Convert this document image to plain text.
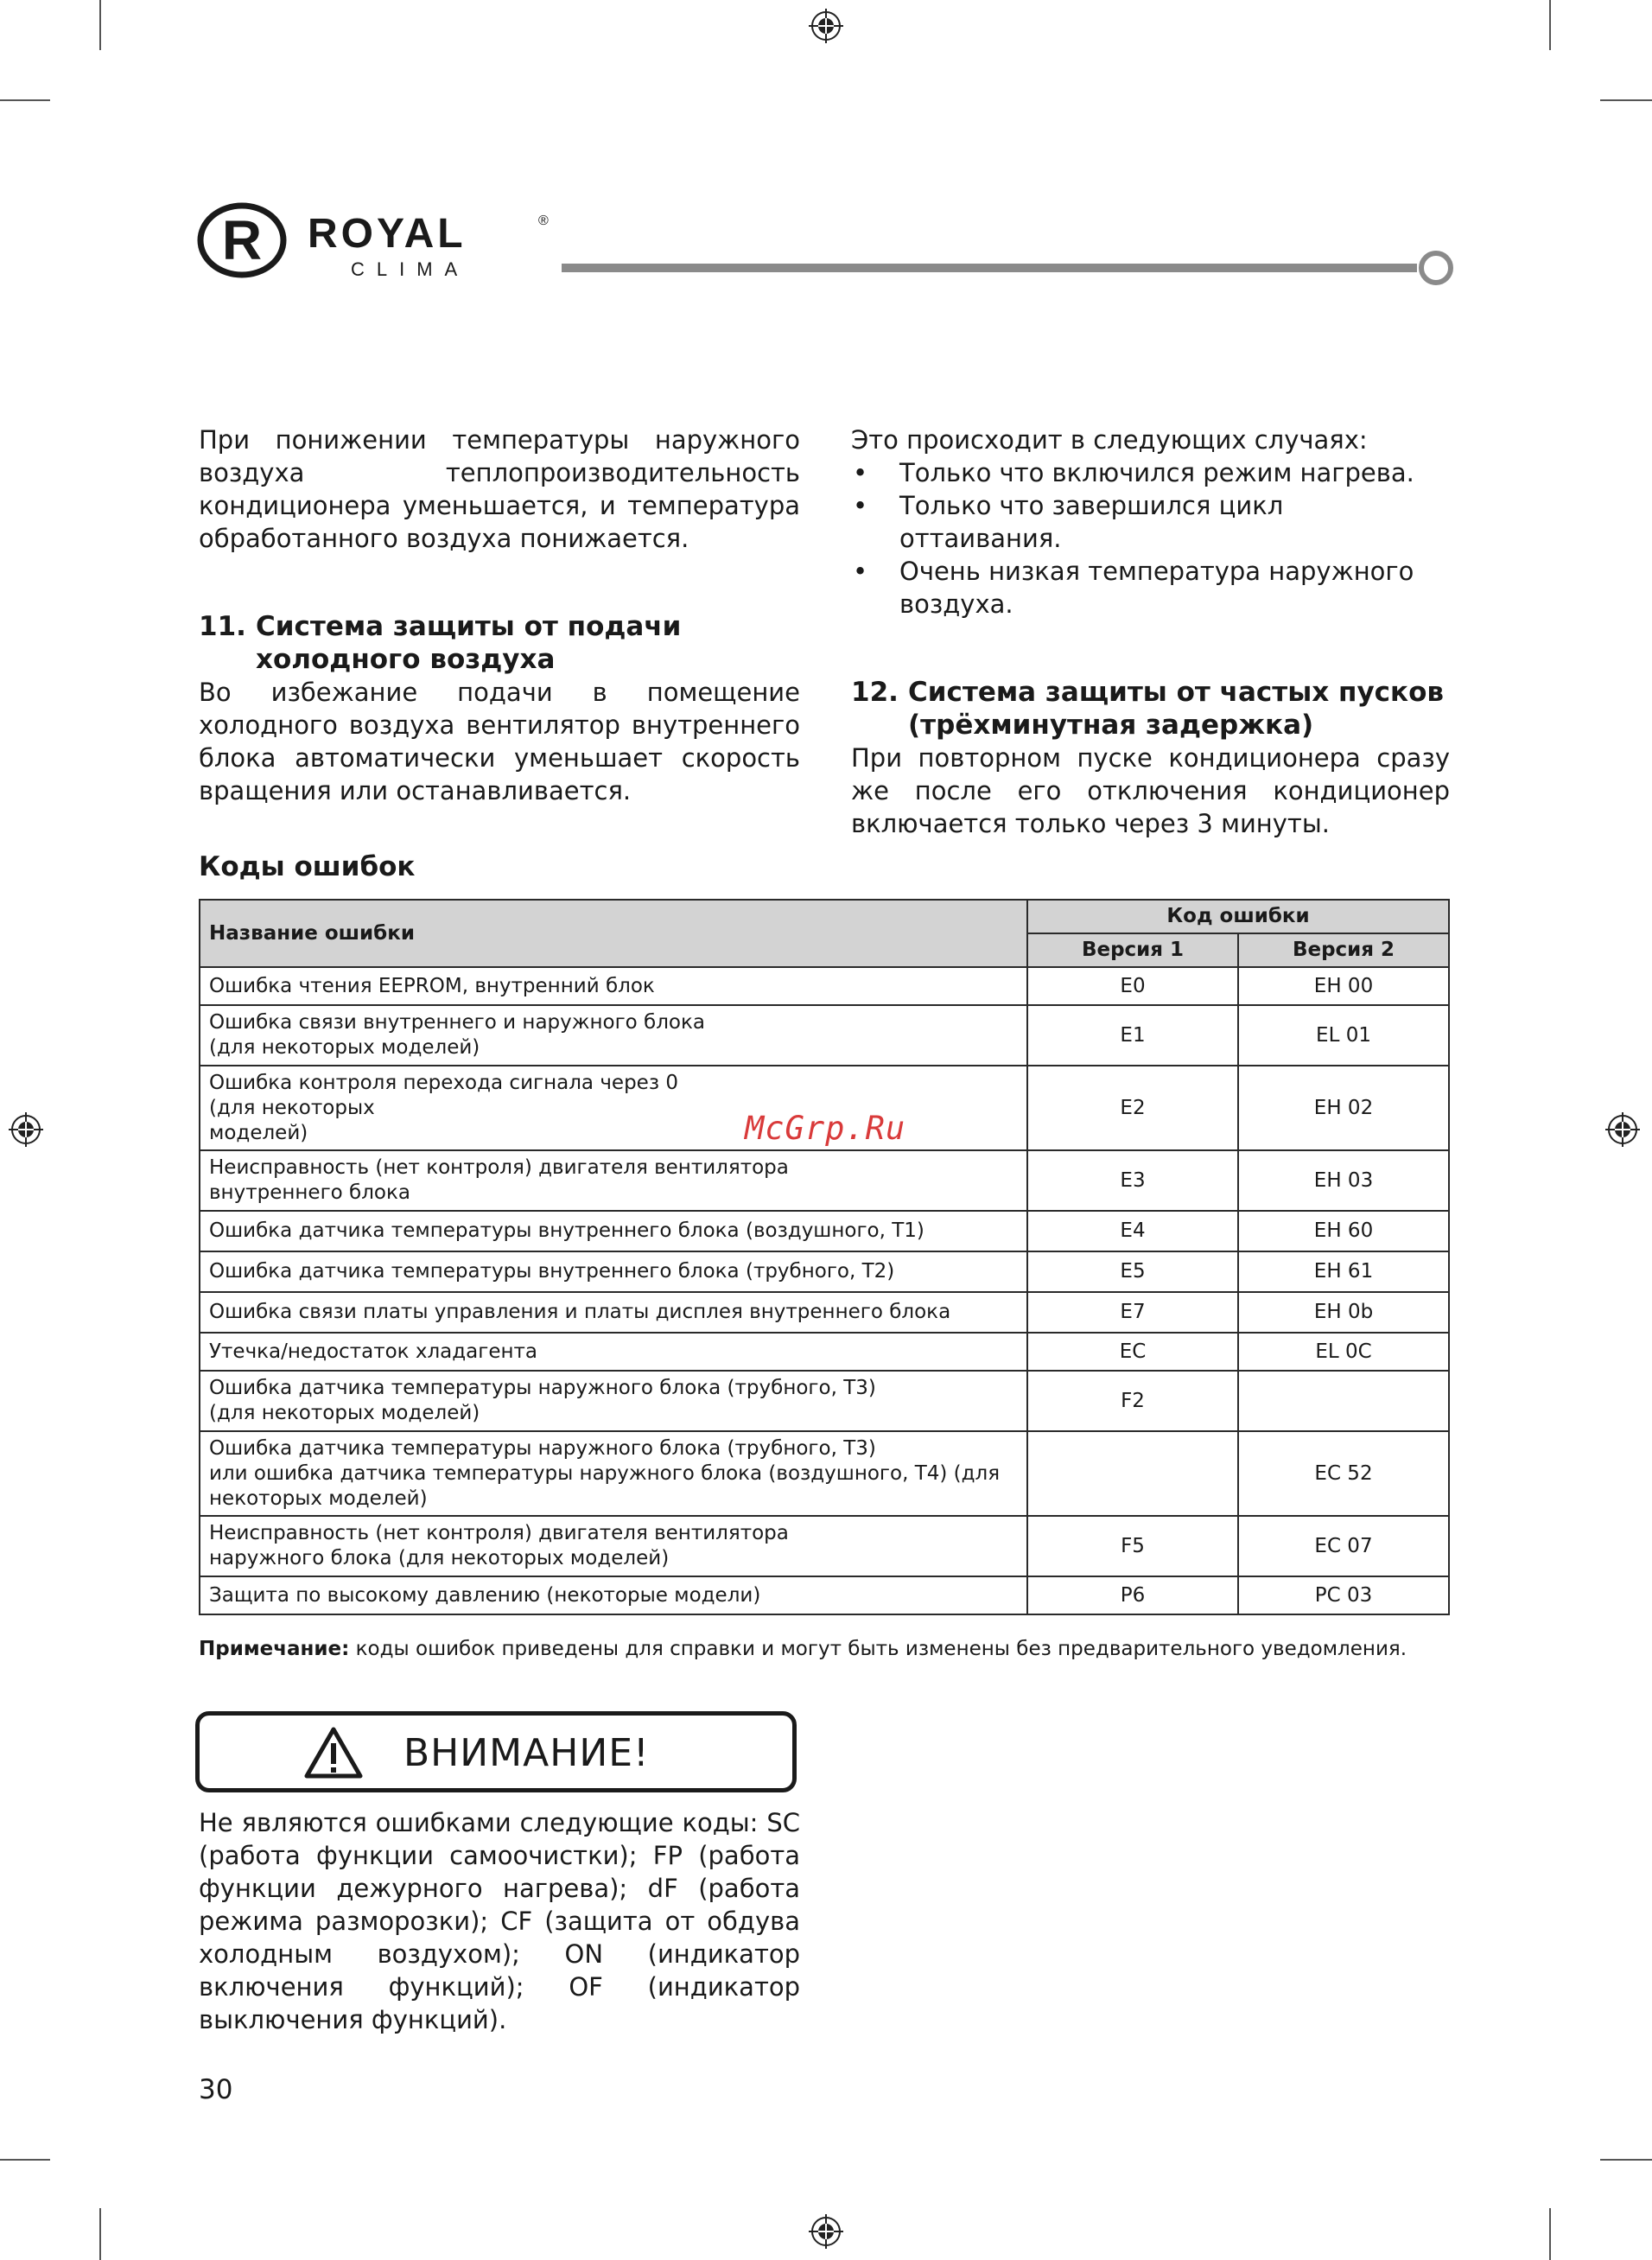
R ROYAL	®
CLIMA

При понижении температуры наружного воздуха теплопроизводительность кондиционера уменьшается, и температура обработанного воздуха понижается.

11. Система защиты от подачи холодного воздуха

Во избежание подачи в помещение холодного воздуха вентилятор внутреннего блока автоматически уменьшает скорость вращения или останавливается.

Это происходит в следующих случаях:

• Только что включился режим нагрева.
• Только что завершился цикл оттаивания.
• Очень низкая температура наружного воздуха.
12. Система защиты от частых пусков (трёхминутная задержка)

При повторном пуске кондиционера сразу же после его отключения кондиционер включается только через 3 минуты.

Коды ошибок
Название ошибки	Код ошибки	
	Версия 1	Версия 2
Ошибка чтения EEPROM, внутренний блок	E0	EH 00
Ошибка связи внутреннего и наружного блока
(для некоторых моделей)	E1	EL 01
Ошибка контроля перехода сигнала через 0
(для некоторых
моделей)	E2	EH 02
Неисправность (нет контроля) двигателя вентилятора
внутреннего блока	E3	EH 03
Ошибка датчика температуры внутреннего блока (воздушного, T1)	E4	EH 60
Ошибка датчика температуры внутреннего блока (трубного, T2)	E5	EH 61
Ошибка связи платы управления и платы дисплея внутреннего блока	E7	EH 0b
Утечка/недостаток хладагента	EC	EL 0C
Ошибка датчика температуры наружного блока (трубного, T3)
(для некоторых моделей)	F2	
Ошибка датчика температуры наружного блока (трубного, T3)
или ошибка датчика температуры наружного блока (воздушного, T4) (для
некоторых моделей)		EC 52
Неисправность (нет контроля) двигателя вентилятора
наружного блока (для некоторых моделей)	F5	EC 07
Защита по высокому давлению (некоторые модели)	P6	PC 03
Примечание: коды ошибок приведены для справки и могут быть изменены без предварительного уведомления.
ВНИМАНИЕ!
Не являются ошибками следующие коды: SC (работа функции самоочистки); FP (работа функции дежурного нагрева); dF (работа режима разморозки); CF (защита от обдува холодным воздухом); ON (индикатор включения функций); OF (индикатор выключения функций).
McGrp.Ru
30
